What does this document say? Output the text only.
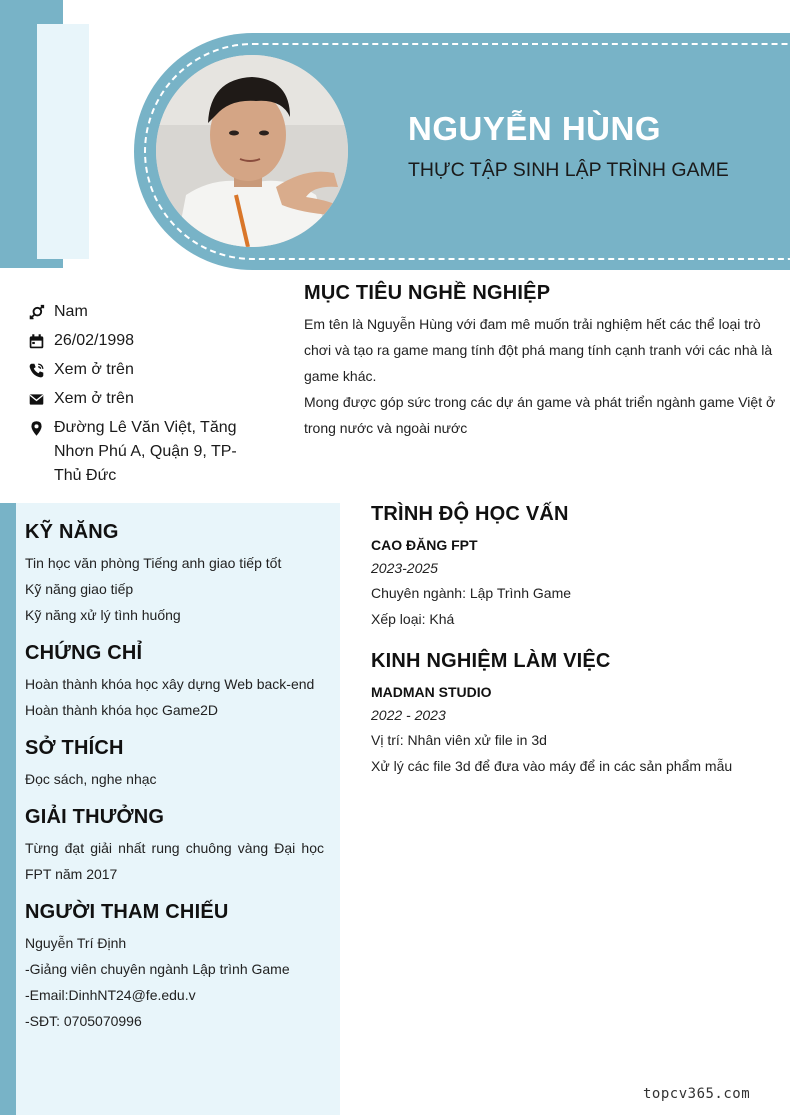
NGUYỄN HÙNG
THỰC TẬP SINH LẬP TRÌNH GAME
Nam
26/02/1998
Xem ở trên
Xem ở trên
Đường Lê Văn Việt, Tăng Nhơn Phú A, Quận 9, TP- Thủ Đức
MỤC TIÊU NGHỀ NGHIỆP

Em tên là Nguyễn Hùng với đam mê muốn trải nghiệm hết các thể loại trò chơi và tạo ra game mang tính đột phá mang tính cạnh tranh với các nhà là game khác.

Mong được góp sức trong các dự án game và phát triển ngành game Việt ở trong nước và ngoài nước

KỸ NĂNG
Tin học văn phòng Tiếng anh giao tiếp tốt
Kỹ năng giao tiếp
Kỹ năng xử lý tình huống
CHỨNG CHỈ
Hoàn thành khóa học xây dựng Web back-end
Hoàn thành khóa học Game2D
SỞ THÍCH
Đọc sách, nghe nhạc
GIẢI THƯỞNG
Từng đạt giải nhất rung chuông vàng Đại học FPT năm 2017
NGƯỜI THAM CHIẾU
Nguyễn Trí Định
-Giảng viên chuyên ngành Lập trình Game
-Email:DinhNT24@fe.edu.v
-SĐT: 0705070996
TRÌNH ĐỘ HỌC VẤN
CAO ĐĂNG FPT
2023-2025
Chuyên ngành: Lập Trình Game
Xếp loại: Khá
KINH NGHIỆM LÀM VIỆC
MADMAN STUDIO
2022 - 2023
Vị trí: Nhân viên xử file in 3d
Xử lý các file 3d để đưa vào máy để in các sản phẩm mẫu
topcv365.com
